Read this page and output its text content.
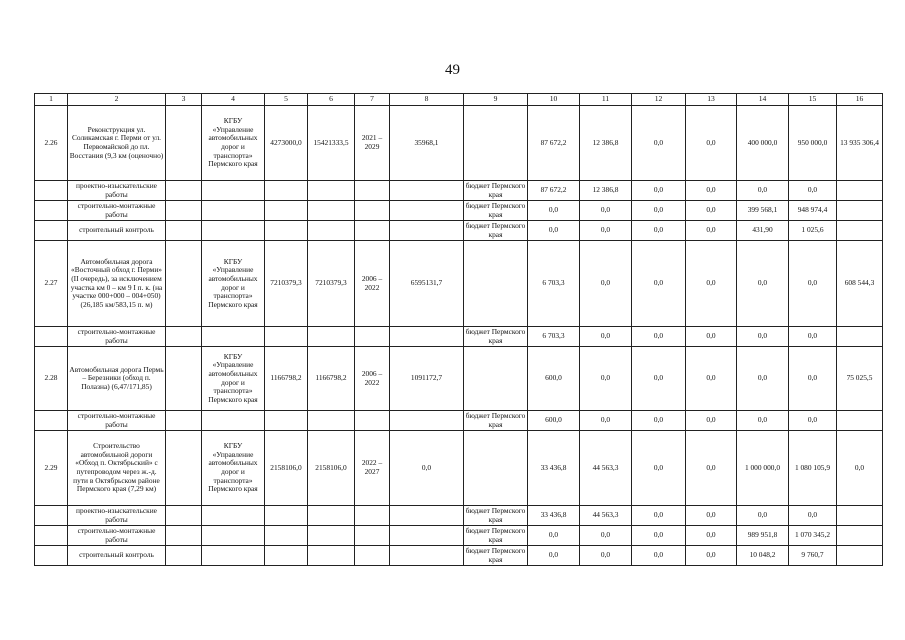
49
1	2	3	4	5	6	7	8	9	10	11	12	13	14	15	16
2.26	Реконструкция ул. Соликамская г. Перми от ул. Первомайской до пл. Восстания (9,3 км (оценочно)		КГБУ «Управление автомобильных дорог и транспорта» Пермского края	4273000,0	15421333,5	2021 – 2029	35968,1		87 672,2	12 386,8	0,0	0,0	400 000,0	950 000,0	13 935 306,4
	проектно-изыскательские работы							бюджет Пермского края	87 672,2	12 386,8	0,0	0,0	0,0	0,0	
	строительно-монтажные работы							бюджет Пермского края	0,0	0,0	0,0	0,0	399 568,1	948 974,4	
	строительный контроль							бюджет Пермского края	0,0	0,0	0,0	0,0	431,90	1 025,6	
2.27	Автомобильная дорога «Восточный обход г. Перми» (II очередь), за исключением участка км 0 – км 9 I п. к. (на участке 000+000 – 004+050) (26,185 км/583,15 п. м)		КГБУ «Управление автомобильных дорог и транспорта» Пермского края	7210379,3	7210379,3	2006 – 2022	6595131,7		6 703,3	0,0	0,0	0,0	0,0	0,0	608 544,3
	строительно-монтажные работы							бюджет Пермского края	6 703,3	0,0	0,0	0,0	0,0	0,0	
2.28	Автомобильная дорога Пермь – Березники (обход п. Полазна) (6,47/171,85)		КГБУ «Управление автомобильных дорог и транспорта» Пермского края	1166798,2	1166798,2	2006 – 2022	1091172,7		600,0	0,0	0,0	0,0	0,0	0,0	75 025,5
	строительно-монтажные работы							бюджет Пермского края	600,0	0,0	0,0	0,0	0,0	0,0	
2.29	Строительство автомобильной дороги «Обход п. Октябрьский» с путепроводом через ж.-д. пути в Октябрьском районе Пермского края (7,29 км)		КГБУ «Управление автомобильных дорог и транспорта» Пермского края	2158106,0	2158106,0	2022 – 2027	0,0		33 436,8	44 563,3	0,0	0,0	1 000 000,0	1 080 105,9	0,0
	проектно-изыскательские работы							бюджет Пермского края	33 436,8	44 563,3	0,0	0,0	0,0	0,0	
	строительно-монтажные работы							бюджет Пермского края	0,0	0,0	0,0	0,0	989 951,8	1 070 345,2	
	строительный контроль							бюджет Пермского края	0,0	0,0	0,0	0,0	10 048,2	9 760,7	
